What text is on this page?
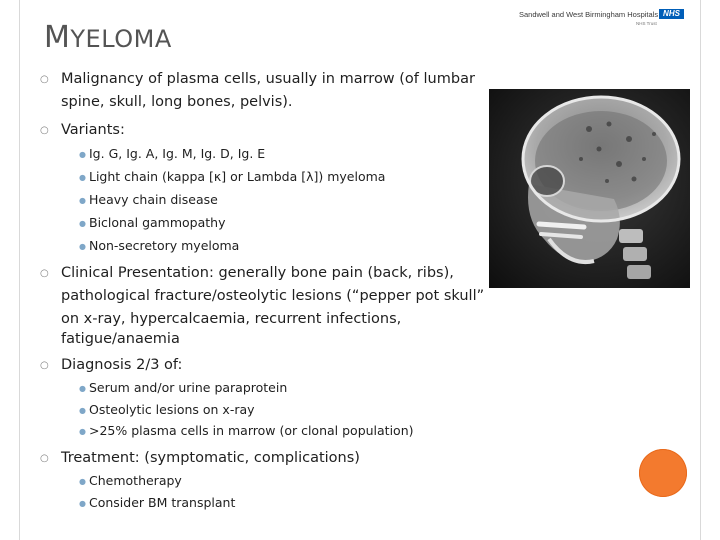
MYELOMA
Sandwell and West Birmingham Hospitals NHS
NHS Trust
○ Malignancy of plasma cells, usually in marrow (of lumbar
spine, skull, long bones, pelvis).
○ Variants:
● Ig. G, Ig. A, Ig. M, Ig. D, Ig. E
● Light chain (kappa [κ] or Lambda [λ]) myeloma
● Heavy chain disease
● Biclonal gammopathy
● Non-secretory myeloma
○ Clinical Presentation: generally bone pain (back, ribs),
pathological fracture/osteolytic lesions (“pepper pot skull”
on x-ray, hypercalcaemia, recurrent infections,
fatigue/anaemia
○ Diagnosis 2/3 of:
● Serum and/or urine paraprotein
● Osteolytic lesions on x-ray
● >25% plasma cells in marrow (or clonal population)
○ Treatment: (symptomatic, complications)
● Chemotherapy
● Consider BM transplant
